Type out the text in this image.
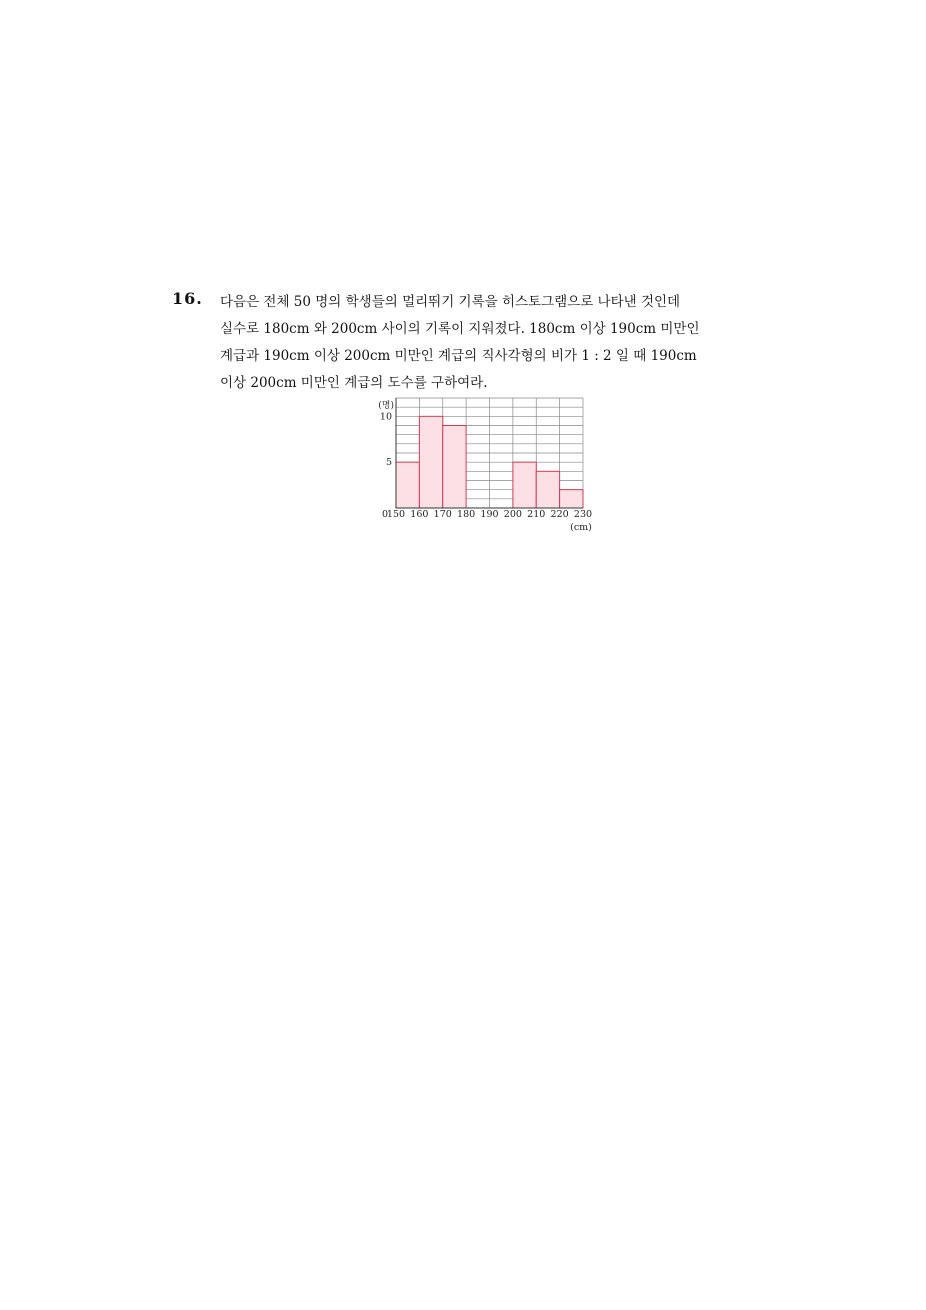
16. 다음은 전체 50 명의 학생들의 멀리뛰기 기록을 히스토그램으로 나타낸 것인데
실수로 180cm 와 200cm 사이의 기록이 지워졌다. 180cm 이상 190cm 미만인
계급과 190cm 이상 200cm 미만인 계급의 직사각형의 비가 1 : 2 일 때 190cm
이상 200cm 미만인 계급의 도수를 구하여라.
0
5
10
(명)
150 160 170 180 190 200 210 220 230
(cm)
